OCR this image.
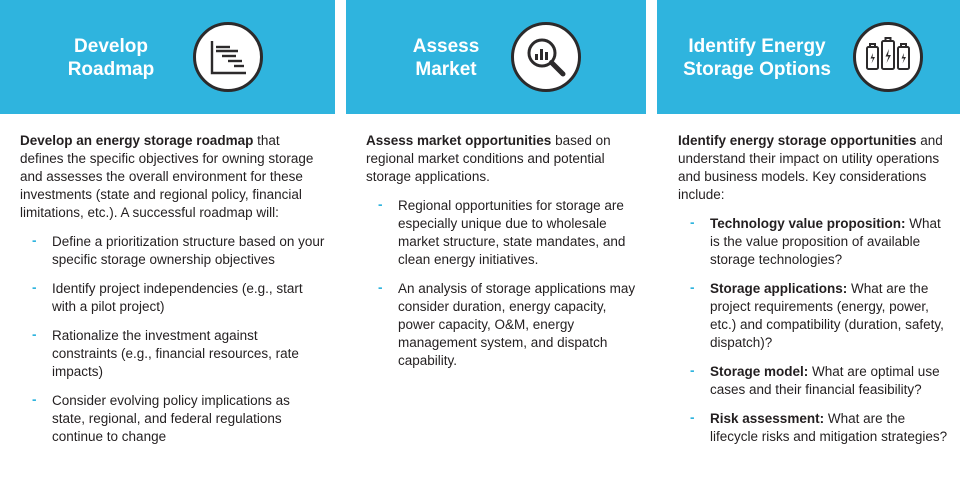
Develop
Roadmap
Develop an energy storage roadmap that defines the specific objectives for owning storage and assesses the overall environment for these investments (state and regional policy, financial limitations, etc.). A successful roadmap will:
- Define a prioritization structure based on your specific storage ownership objectives
- Identify project independencies (e.g., start with a pilot project)
- Rationalize the investment against constraints (e.g., financial resources, rate impacts)
- Consider evolving policy implications as state, regional, and federal regulations continue to change
Assess
Market
Assess market opportunities based on regional market conditions and potential storage applications.
- Regional opportunities for storage are especially unique due to wholesale market structure, state mandates, and clean energy initiatives.
- An analysis of storage applications may consider duration, energy capacity, power capacity, O&M, energy management system, and dispatch capability.
Identify Energy
Storage Options
Identify energy storage opportunities and understand their impact on utility operations and business models. Key considerations include:
- Technology value proposition: What is the value proposition of available storage technologies?
- Storage applications: What are the project requirements (energy, power, etc.) and compatibility (duration, safety, dispatch)?
- Storage model: What are optimal use cases and their financial feasibility?
- Risk assessment: What are the lifecycle risks and mitigation strategies?
